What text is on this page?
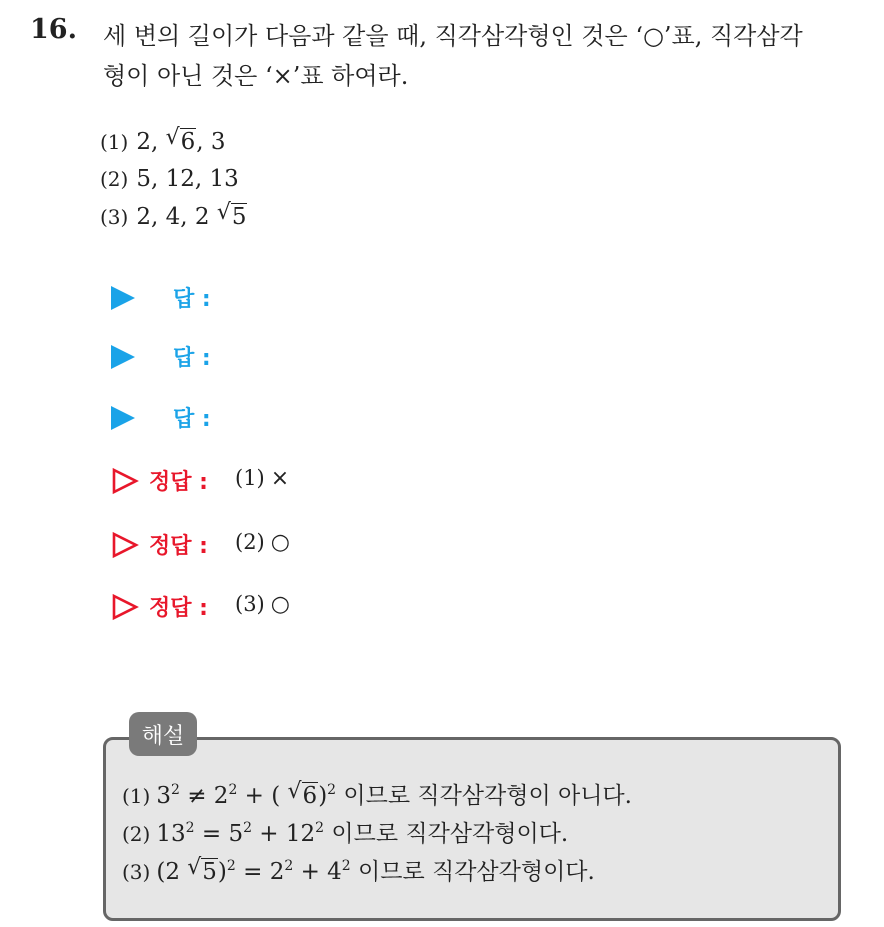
16. 세 변의 길이가 다음과 같을 때, 직각삼각형인 것은 ‘○’표, 직각삼각
형이 아닌 것은 ‘×’표 하여라.
(1) 2, √ 6, 3
(2) 5, 12, 13
(3) 2, 4, 2 √ 5
답 :
답 :
답 :
정답 : (1) ×
정답 : (2) ○
정답 : (3) ○
해설
(1) $3^2 \ne 2^2$ + ( √ 6)$^2$ 이므로 직각삼각형이 아니다.
(2) $13^2 = 5^2 + 12^2$ 이므로 직각삼각형이다.
(3) (2 √ $5)^2 = 2^2 + 4^2$ 이므로 직각삼각형이다.
